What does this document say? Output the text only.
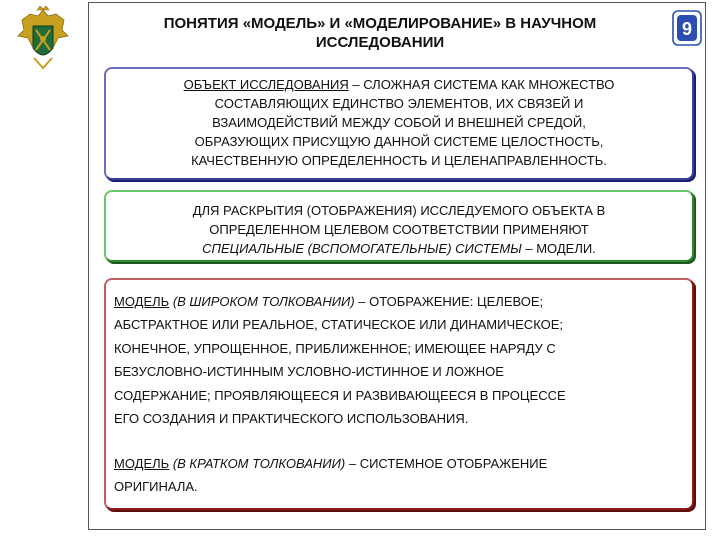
ПОНЯТИЯ «МОДЕЛЬ» И «МОДЕЛИРОВАНИЕ» В НАУЧНОМ
ИССЛЕДОВАНИИ
9
ОБЪЕКТ ИССЛЕДОВАНИЯ – СЛОЖНАЯ СИСТЕМА КАК МНОЖЕСТВО
СОСТАВЛЯЮЩИХ ЕДИНСТВО ЭЛЕМЕНТОВ, ИХ СВЯЗЕЙ И
ВЗАИМОДЕЙСТВИЙ МЕЖДУ СОБОЙ И ВНЕШНЕЙ СРЕДОЙ,
ОБРАЗУЮЩИХ ПРИСУЩУЮ ДАННОЙ СИСТЕМЕ ЦЕЛОСТНОСТЬ,
КАЧЕСТВЕННУЮ ОПРЕДЕЛЕННОСТЬ И ЦЕЛЕНАПРАВЛЕННОСТЬ.
ДЛЯ РАСКРЫТИЯ (ОТОБРАЖЕНИЯ) ИССЛЕДУЕМОГО ОБЪЕКТА В
ОПРЕДЕЛЕННОМ ЦЕЛЕВОМ СООТВЕТСТВИИ ПРИМЕНЯЮТ
СПЕЦИАЛЬНЫЕ (ВСПОМОГАТЕЛЬНЫЕ) СИСТЕМЫ – МОДЕЛИ.
МОДЕЛЬ (В ШИРОКОМ ТОЛКОВАНИИ) – ОТОБРАЖЕНИЕ: ЦЕЛЕВОЕ;
АБСТРАКТНОЕ ИЛИ РЕАЛЬНОЕ, СТАТИЧЕСКОЕ ИЛИ ДИНАМИЧЕСКОЕ;
КОНЕЧНОЕ, УПРОЩЕННОЕ, ПРИБЛИЖЕННОЕ; ИМЕЮЩЕЕ НАРЯДУ С
БЕЗУСЛОВНО-ИСТИННЫМ УСЛОВНО-ИСТИННОЕ И ЛОЖНОЕ
СОДЕРЖАНИЕ; ПРОЯВЛЯЮЩЕЕСЯ И РАЗВИВАЮЩЕЕСЯ В ПРОЦЕССЕ
ЕГО СОЗДАНИЯ И ПРАКТИЧЕСКОГО ИСПОЛЬЗОВАНИЯ.
МОДЕЛЬ (В КРАТКОМ ТОЛКОВАНИИ) – СИСТЕМНОЕ ОТОБРАЖЕНИЕ
ОРИГИНАЛА.
